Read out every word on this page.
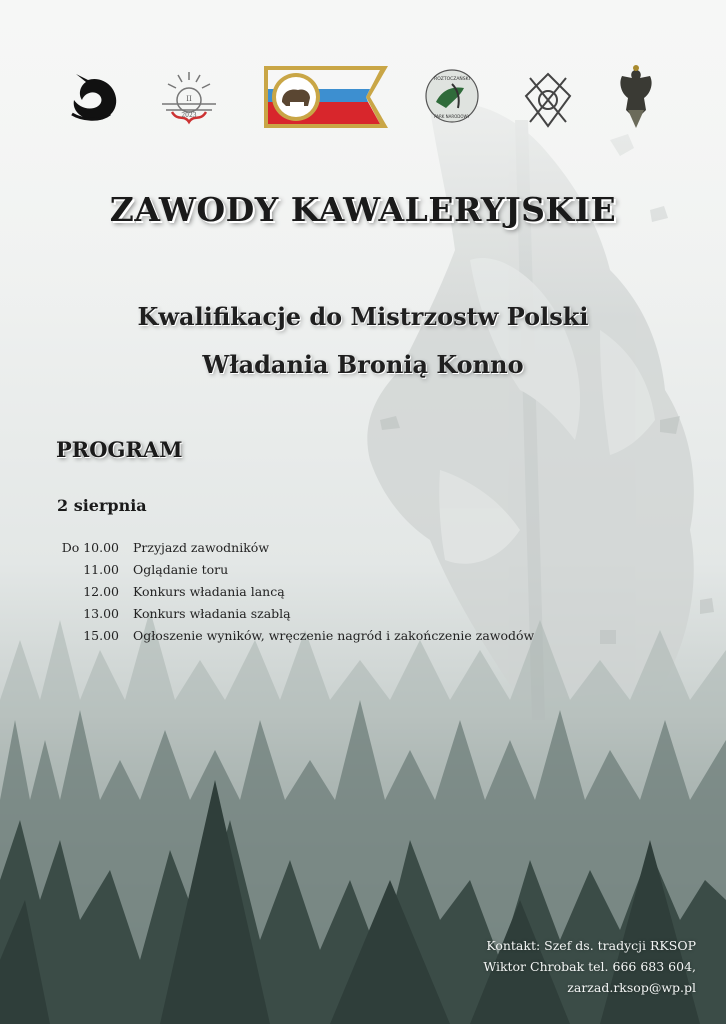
II
2023
ROZTOCZAŃSKI
PARK NARODOWY
ZAWODY KAWALERYJSKIE
Kwalifikacje do Mistrzostw Polski
Władania Bronią Konno
PROGRAM
2 sierpnia
Do 10.00 Przyjazd zawodników
11.00 Oglądanie toru
12.00 Konkurs władania lancą
13.00 Konkurs władania szablą
15.00 Ogłoszenie wyników, wręczenie nagród i zakończenie zawodów
Kontakt: Szef ds. tradycji RKSOP
Wiktor Chrobak tel. 666 683 604,
zarzad.rksop@wp.pl
